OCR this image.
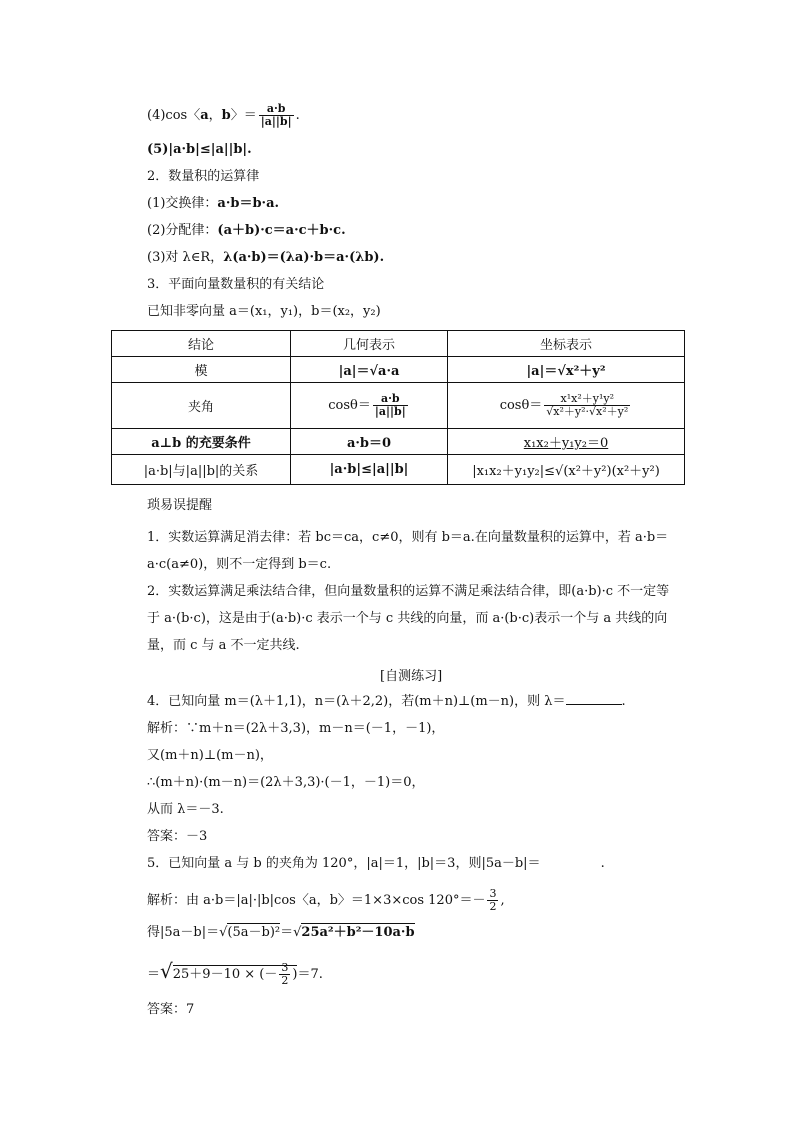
(4)cos〈a，b〉＝ $\frac{a\cdot b}{|a||b|}$ .
(5)|a·b|≤|a||b|.
2．数量积的运算律
(1)交换律：a·b＝b·a.
(2)分配律：(a＋b)·c＝a·c＋b·c.
(3)对 λ∈R，λ(a·b)＝(λa)·b＝a·(λb).
3．平面向量数量积的有关结论
已知非零向量 a＝(x₁，y₁)，b＝(x₂，y₂)
结论	几何表示	坐标表示
模	|a|＝√a·a	|a|＝√x²＋y²
夹角	$\cos\theta= \frac{a\cdot b}{|a||b|}$	$\cos\theta= \frac{\text{x¹x²＋y¹y²}}{\text{√x²＋y²·√x²＋y²}}$

a⊥b 的充要条件	a·b＝0	x₁x₂＋y₁y₂＝0
|a·b|与|a||b|的关系	|a·b|≤|a||b|	|x₁x₂＋y₁y₂|≤√(x²＋y²)(x²＋y²)
琐易误提醒
1．实数运算满足消去律：若 bc＝ca，c≠0，则有 b＝a.在向量数量积的运算中，若 a·b＝a·c(a≠0)，则不一定得到 b＝c.
2．实数运算满足乘法结合律，但向量数量积的运算不满足乘法结合律，即(a·b)·c 不一定等于 a·(b·c)，这是由于(a·b)·c 表示一个与 c 共线的向量，而 a·(b·c)表示一个与 a 共线的向量，而 c 与 a 不一定共线.
[自测练习]
4．已知向量 m＝(λ＋1,1)，n＝(λ＋2,2)，若(m＋n)⊥(m－n)，则 λ＝	.
解析：∵m＋n＝(2λ＋3,3)，m－n＝(－1，－1)，
又(m＋n)⊥(m－n)，
∴(m＋n)·(m－n)＝(2λ＋3,3)·(－1，－1)＝0，
从而 λ＝－3.
答案：－3
5．已知向量 a 与 b 的夹角为 120°，|a|＝1，|b|＝3，则|5a－b|＝	.
解析：由 a·b＝|a|·|b|cos〈a，b〉＝1×3×cos $120^\circ=- \frac{3}{2}$ ,
得|5a－b|＝√(5a－b)²＝√25a²＋b²－10a·b
＝√25＋9－10 × (－ $\frac{3}{2} )=7$.
答案：7
